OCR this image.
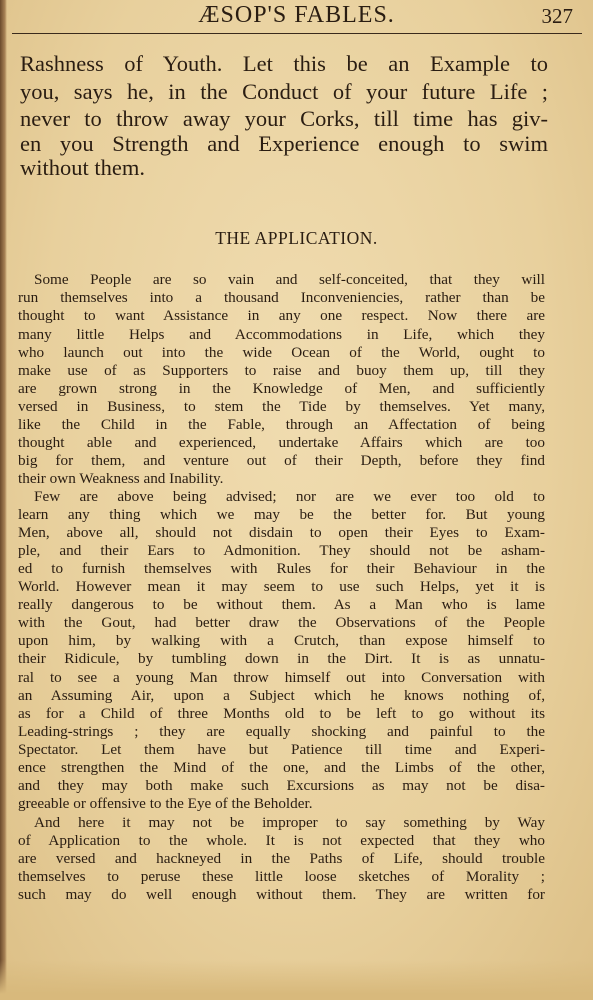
ÆSOP'S FABLES.	327
Rashness of Youth. Let this be an Example to
you, says he, in the Conduct of your future Life ;
never to throw away your Corks, till time has giv-
en you Strength and Experience enough to swim
without them.
THE APPLICATION.
Some People are so vain and self-conceited, that they will
run themselves into a thousand Inconveniencies, rather than be
thought to want Assistance in any one respect. Now there are
many little Helps and Accommodations in Life, which they
who launch out into the wide Ocean of the World, ought to
make use of as Supporters to raise and buoy them up, till they
are grown strong in the Knowledge of Men, and sufficiently
versed in Business, to stem the Tide by themselves. Yet many,
like the Child in the Fable, through an Affectation of being
thought able and experienced, undertake Affairs which are too
big for them, and venture out of their Depth, before they find
their own Weakness and Inability.
Few are above being advised; nor are we ever too old to
learn any thing which we may be the better for. But young
Men, above all, should not disdain to open their Eyes to Exam-
ple, and their Ears to Admonition. They should not be asham-
ed to furnish themselves with Rules for their Behaviour in the
World. However mean it may seem to use such Helps, yet it is
really dangerous to be without them. As a Man who is lame
with the Gout, had better draw the Observations of the People
upon him, by walking with a Crutch, than expose himself to
their Ridicule, by tumbling down in the Dirt. It is as unnatu-
ral to see a young Man throw himself out into Conversation with
an Assuming Air, upon a Subject which he knows nothing of,
as for a Child of three Months old to be left to go without its
Leading-strings ; they are equally shocking and painful to the
Spectator. Let them have but Patience till time and Experi-
ence strengthen the Mind of the one, and the Limbs of the other,
and they may both make such Excursions as may not be disa-
greeable or offensive to the Eye of the Beholder.
And here it may not be improper to say something by Way
of Application to the whole. It is not expected that they who
are versed and hackneyed in the Paths of Life, should trouble
themselves to peruse these little loose sketches of Morality ;
such may do well enough without them. They are written for
